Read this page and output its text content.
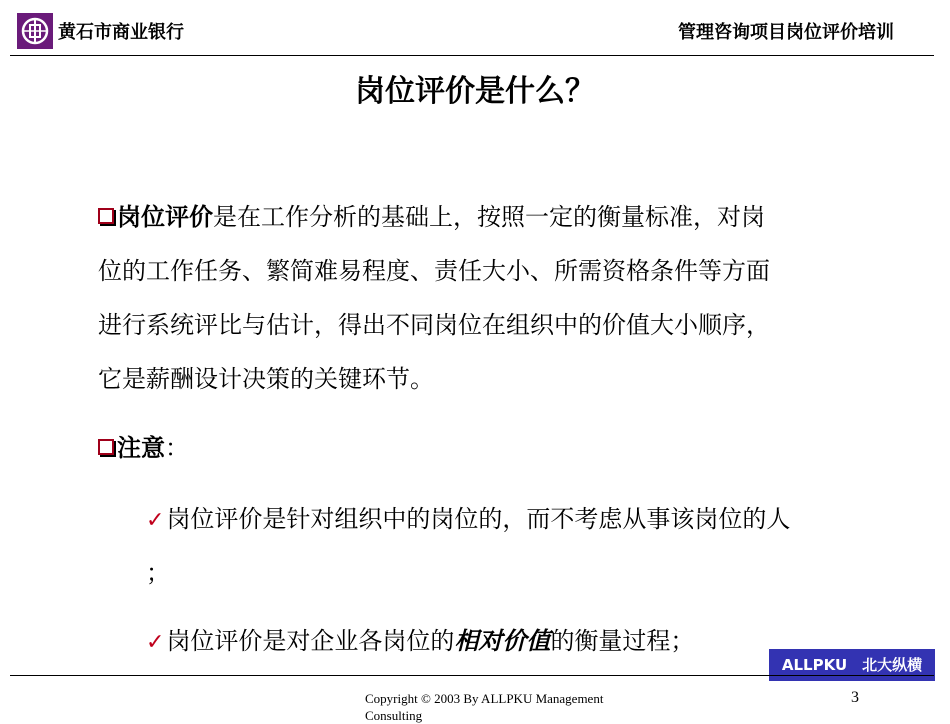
黄石市商业银行	管理咨询项目岗位评价培训
岗位评价是什么？
岗位评价是在工作分析的基础上，按照一定的衡量标准，对岗
位的工作任务、繁简难易程度、责任大小、所需资格条件等方面
进行系统评比与估计，得出不同岗位在组织中的价值大小顺序，
它是薪酬设计决策的关键环节。
注意：
✓岗位评价是针对组织中的岗位的，而不考虑从事该岗位的人
；
✓岗位评价是对企业各岗位的相对价值的衡量过程；
ALLPKU　北大纵横
Copyright © 2003 By ALLPKU Management Consulting
3
